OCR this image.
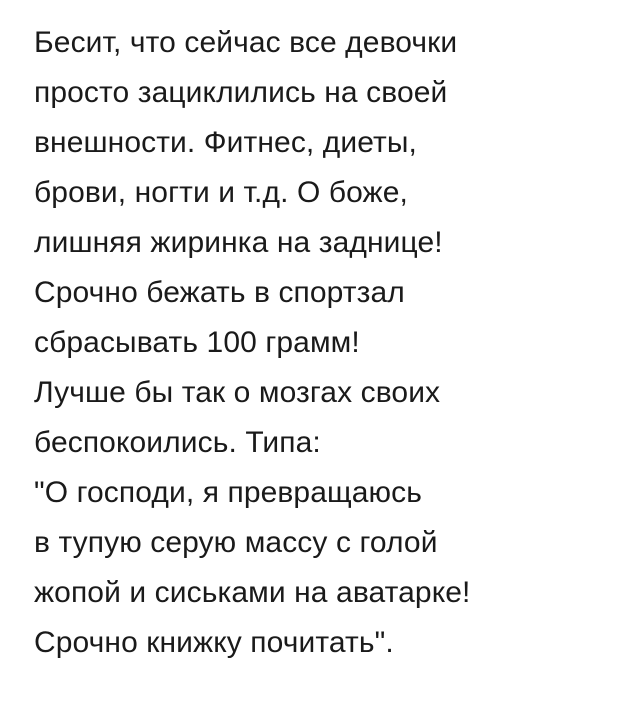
Бесит, что сейчас все девочки
просто зациклились на своей
внешности. Фитнес, диеты,
брови, ногти и т.д. О боже,
лишняя жиринка на заднице!
Срочно бежать в спортзал
сбрасывать 100 грамм!
Лучше бы так о мозгах своих
беспокоились. Типа:
"О господи, я превращаюсь
в тупую серую массу с голой
жопой и сиськами на аватарке!
Срочно книжку почитать".
